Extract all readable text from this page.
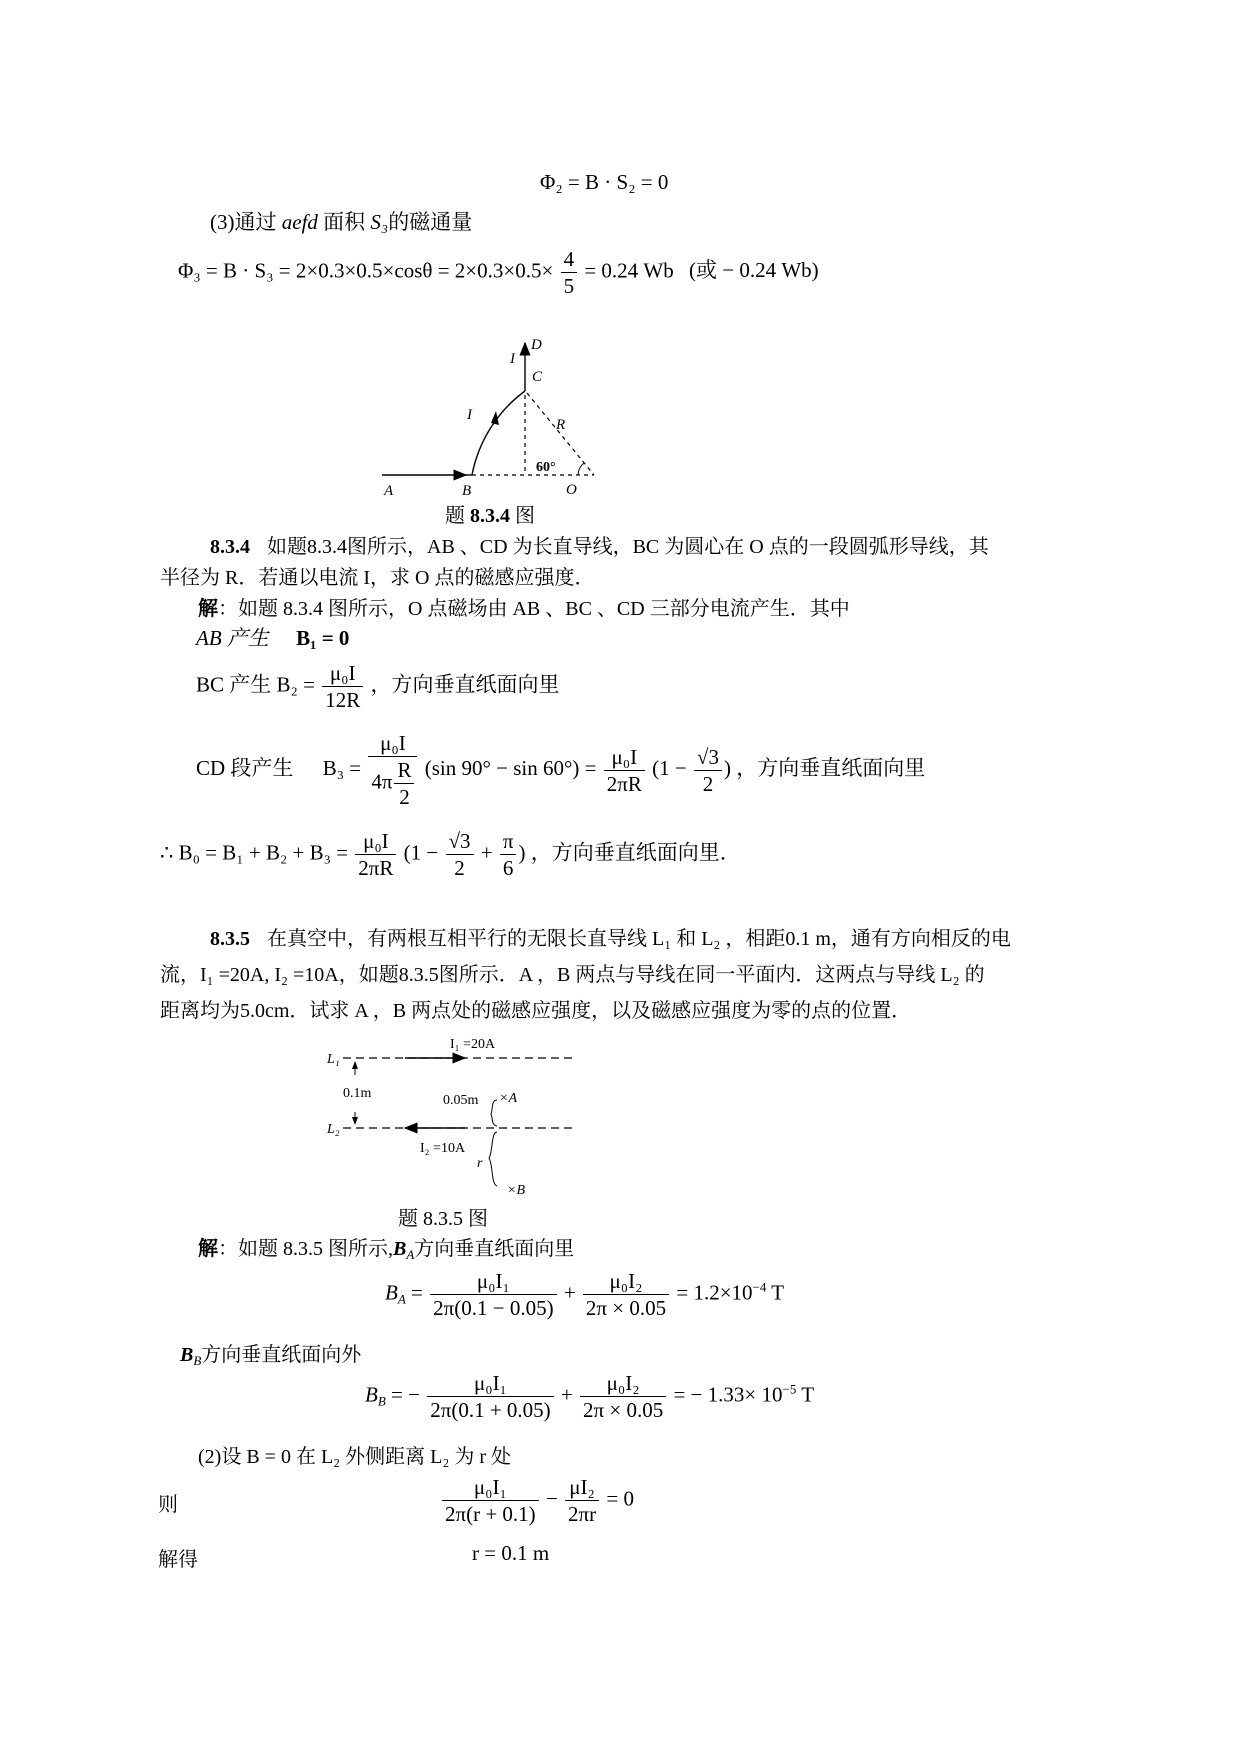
Φ₂ = B · S₂ = 0
(3)通过 aefd 面积 S₃的磁通量
$\Phi_3 = B \cdot S_3 = 2\times 0.3\times 0.5\times\cos\theta = 2\times 0.3\times 0.5\times \frac{4}{5} = 0.24$ Wb (或 − 0.24 Wb)
I
D
C
R
I
60°
A	B	O
题 8.3.4 图
8.3.4 如题8.3.4图所示，AB 、CD 为长直导线，BC 为圆心在 O 点的一段圆弧形导线，其
半径为 R．若通以电流 I，求 O 点的磁感应强度．
解：如题 8.3.4 图所示，O 点磁场由 AB 、BC 、CD 三部分电流产生．其中
AB 产生 B₁ = 0
BC 产生 $B_2 = \frac{\text{μ₀I}}{12R}$ ，方向垂直纸面向里
CD 段产生 $B_3 = \frac{\text{μ₀I}}{4\pi \frac{R}{2}} (\sin$ $90^\circ - \sin 60^\circ) = \frac{\text{μ₀I}}{2\pi R} (1 - \frac{√3}{2}$ ) ，方向垂直纸面向里
∴ $B_0 = B_1 + B_2 + B_3 = \frac{\text{μ₀I}}{2\pi R} (1 - \frac{√3}{2} + \frac{\pi}{6}$ ) ，方向垂直纸面向里．
8.3.5 在真空中，有两根互相平行的无限长直导线 L₁ 和 L₂ ，相距0.1 m，通有方向相反的电
流，I₁ =20A, I₂ =10A，如题8.3.5图所示．A ，B 两点与导线在同一平面内．这两点与导线 L₂ 的
距离均为5.0cm．试求 A ，B 两点处的磁感应强度，以及磁感应强度为零的点的位置．
L₁
L₂
I₁ =20A
I₂ =10A
0.1m	0.05m ×A
r
×B
题 8.3.5 图
解：如题 8.3.5 图所示$,B_A$方向垂直纸面向里
$B_A = \frac{\text{μ₀I₁}}{2\pi(0.1 - 0.05)} + \frac{\text{μ₀I₂}}{2\pi \times 0.05} = 1.2\times 10^{-4}$ T
$B_B$方向垂直纸面向外
$B_B$ = − $\frac{\text{μ₀I₁}}{2\pi(0.1 + 0.05)} + \frac{\text{μ₀I₂}}{2\pi \times 0.05}$ = − $1.33\times 10^{-5}$ T
(2)设 B = 0 在 L₂ 外侧距离 L₂ 为 r 处
则	$\frac{\text{μ₀I₁}}{2\pi(r + 0.1)} - \frac{\text{μI₂}}{2\pi r} = 0$
解得	r = 0.1 m
